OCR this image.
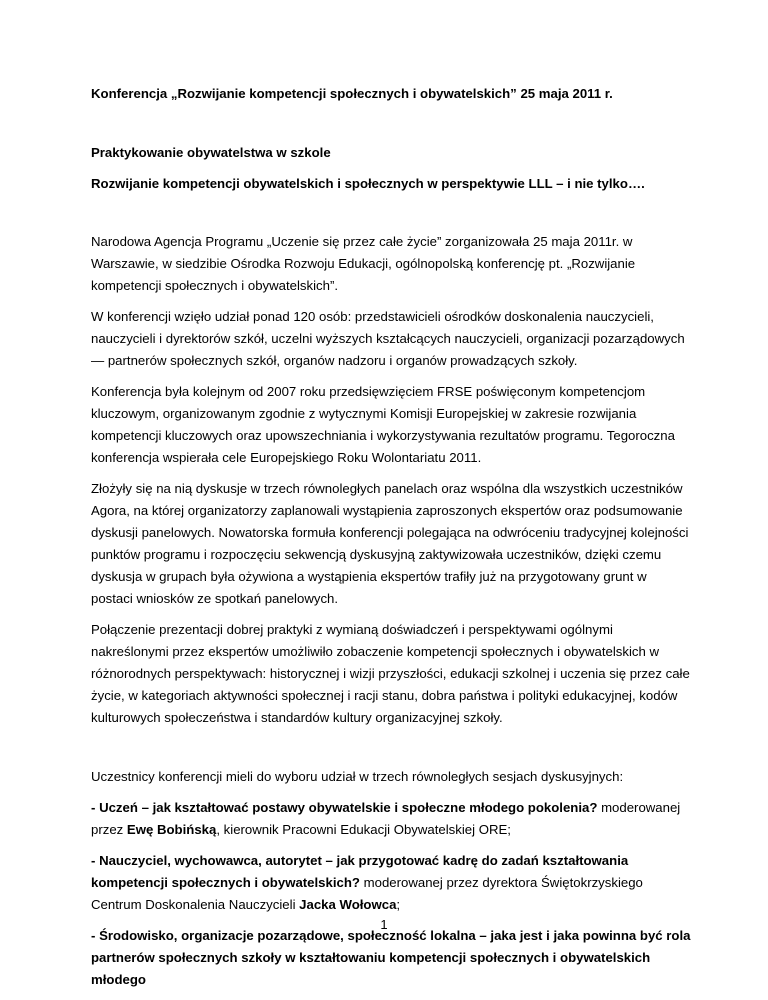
Konferencja „Rozwijanie kompetencji społecznych i obywatelskich” 25 maja 2011 r.

Praktykowanie obywatelstwa w szkole

Rozwijanie kompetencji obywatelskich i społecznych w perspektywie LLL – i nie tylko….

Narodowa Agencja Programu „Uczenie się przez całe życie” zorganizowała 25 maja 2011r. w Warszawie, w siedzibie Ośrodka Rozwoju Edukacji, ogólnopolską konferencję pt. „Rozwijanie kompetencji społecznych i obywatelskich”.

W konferencji wzięło udział ponad 120 osób: przedstawicieli ośrodków doskonalenia nauczycieli, nauczycieli i dyrektorów szkół, uczelni wyższych kształcących nauczycieli, organizacji pozarządowych — partnerów społecznych szkół, organów nadzoru i organów prowadzących szkoły.

Konferencja była kolejnym od 2007 roku przedsięwzięciem FRSE poświęconym kompetencjom kluczowym, organizowanym zgodnie z wytycznymi Komisji Europejskiej w zakresie rozwijania kompetencji kluczowych oraz upowszechniania i wykorzystywania rezultatów programu. Tegoroczna konferencja wspierała cele Europejskiego Roku Wolontariatu 2011.

Złożyły się na nią dyskusje w trzech równoległych panelach oraz wspólna dla wszystkich uczestników Agora, na której organizatorzy zaplanowali wystąpienia zaproszonych ekspertów oraz podsumowanie dyskusji panelowych. Nowatorska formuła konferencji polegająca na odwróceniu tradycyjnej kolejności punktów programu i rozpoczęciu sekwencją dyskusyjną zaktywizowała uczestników, dzięki czemu dyskusja w grupach była ożywiona a wystąpienia ekspertów trafiły już na przygotowany grunt w postaci wniosków ze spotkań panelowych.

Połączenie prezentacji dobrej praktyki z wymianą doświadczeń i perspektywami ogólnymi nakreślonymi przez ekspertów umożliwiło zobaczenie kompetencji społecznych i obywatelskich w różnorodnych perspektywach: historycznej i wizji przyszłości, edukacji szkolnej i uczenia się przez całe życie, w kategoriach aktywności społecznej i racji stanu, dobra państwa i polityki edukacyjnej, kodów kulturowych społeczeństwa i standardów kultury organizacyjnej szkoły.

Uczestnicy konferencji mieli do wyboru udział w trzech równoległych sesjach dyskusyjnych:

- Uczeń – jak kształtować postawy obywatelskie i społeczne młodego pokolenia? moderowanej przez Ewę Bobińską, kierownik Pracowni Edukacji Obywatelskiej ORE;

- Nauczyciel, wychowawca, autorytet – jak przygotować kadrę do zadań kształtowania kompetencji społecznych i obywatelskich? moderowanej przez dyrektora Świętokrzyskiego Centrum Doskonalenia Nauczycieli Jacka Wołowca;

- Środowisko, organizacje pozarządowe, społeczność lokalna – jaka jest i jaka powinna być rola partnerów społecznych szkoły w kształtowaniu kompetencji społecznych i obywatelskich młodego

1
